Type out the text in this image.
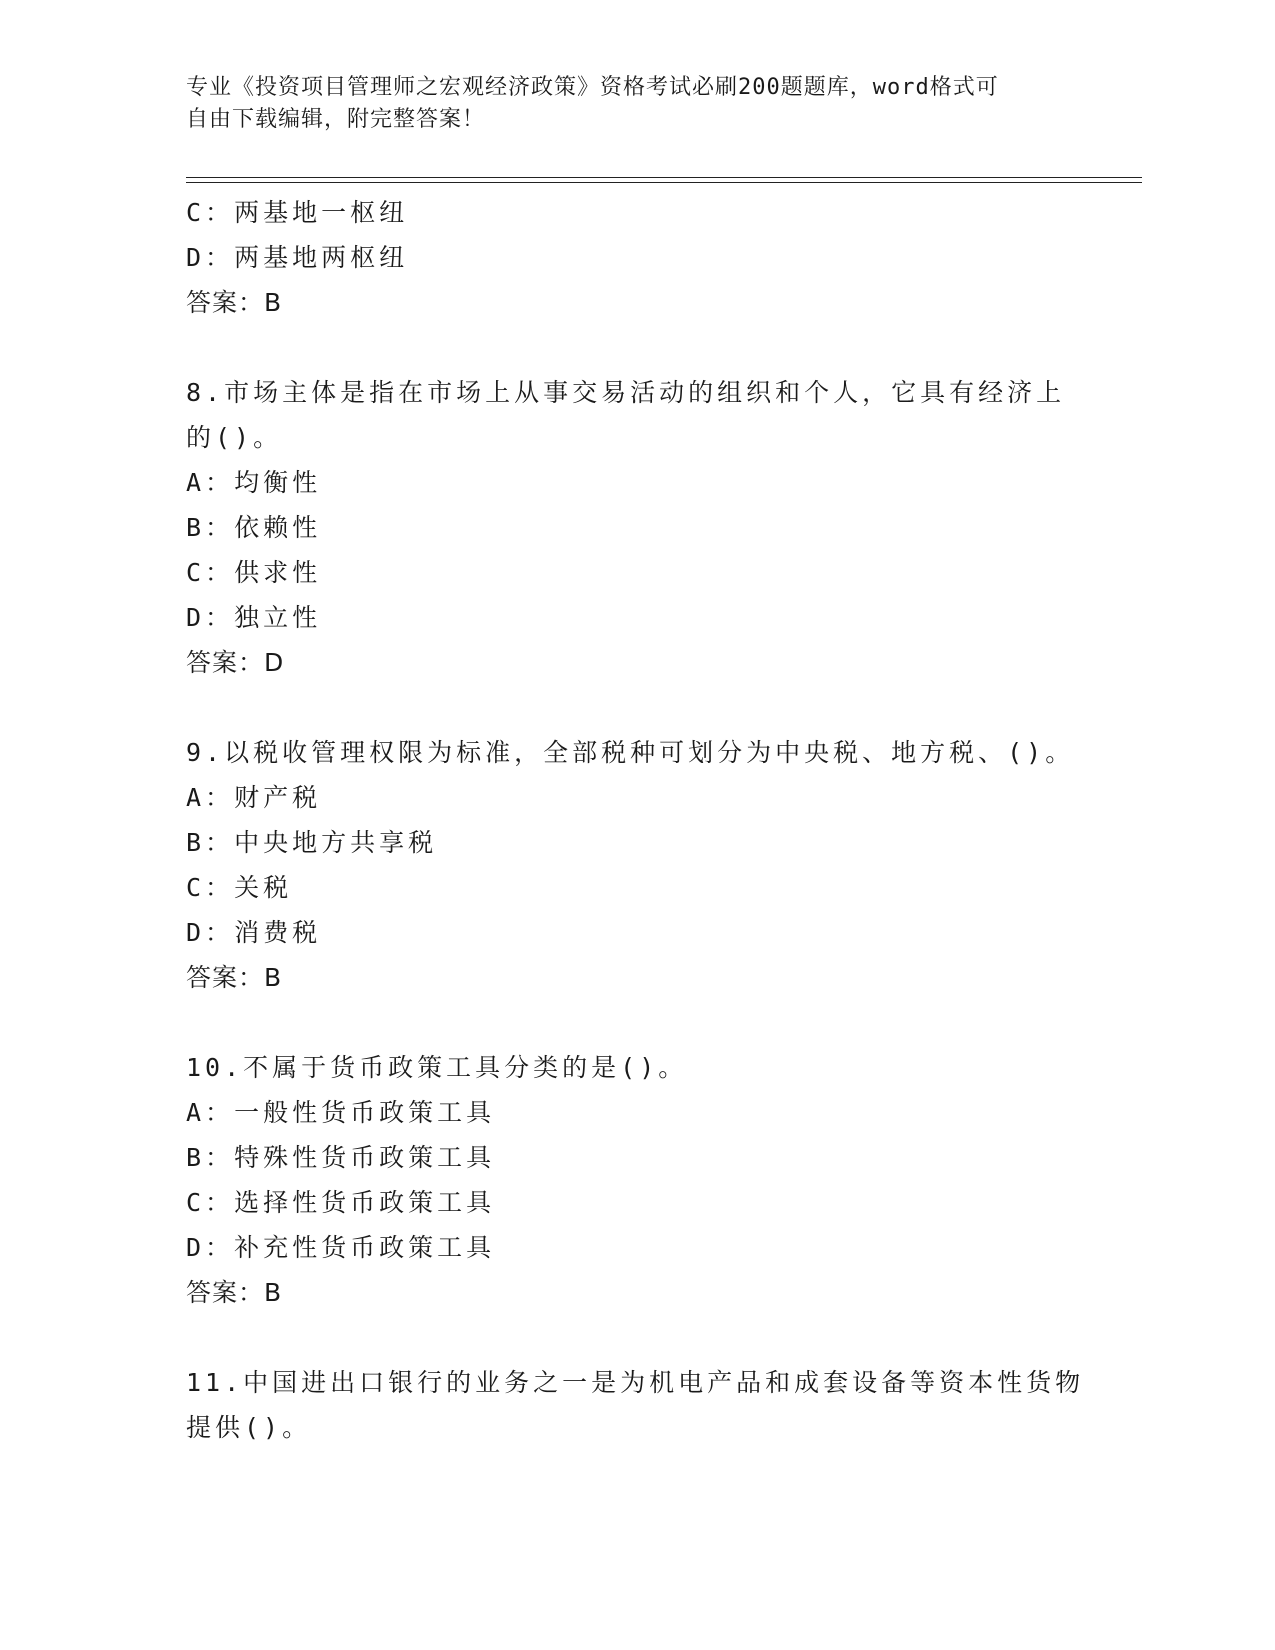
专业《投资项目管理师之宏观经济政策》资格考试必刷200题题库，word格式可
自由下载编辑，附完整答案！
C：两基地一枢纽
D：两基地两枢纽
答案：B
8.市场主体是指在市场上从事交易活动的组织和个人，它具有经济上
的()。
A：均衡性
B：依赖性
C：供求性
D：独立性
答案：D
9.以税收管理权限为标准，全部税种可划分为中央税、地方税、()。
A：财产税
B：中央地方共享税
C：关税
D：消费税
答案：B
10.不属于货币政策工具分类的是()。
A：一般性货币政策工具
B：特殊性货币政策工具
C：选择性货币政策工具
D：补充性货币政策工具
答案：B
11.中国进出口银行的业务之一是为机电产品和成套设备等资本性货物
提供()。
